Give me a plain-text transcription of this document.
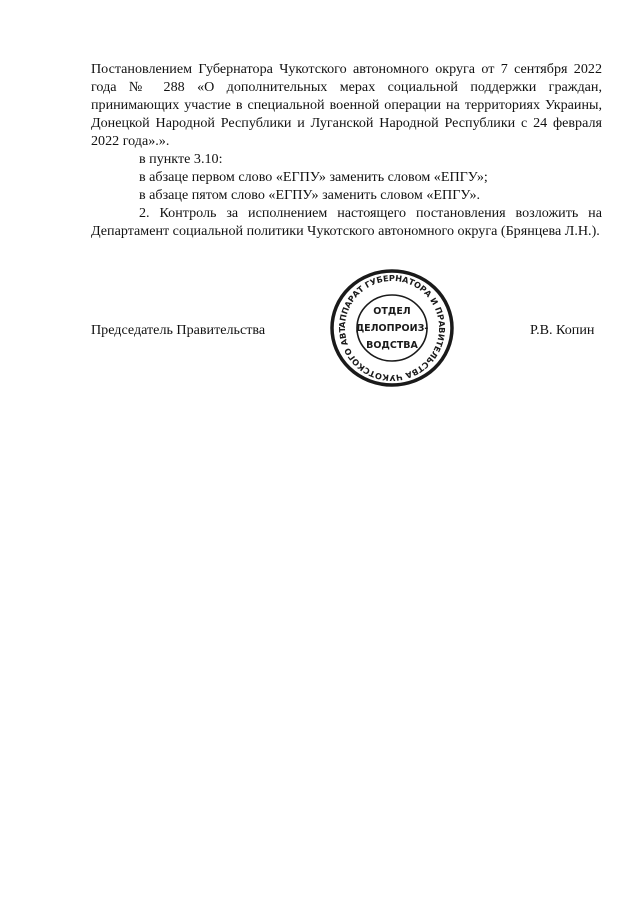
Постановлением Губернатора Чукотского автономного округа от 7 сентября 2022 года № 288 «О дополнительных мерах социальной поддержки граждан, принимающих участие в специальной военной операции на территориях Украины, Донецкой Народной Республики и Луганской Народной Республики с 24 февраля 2022 года».».

в пункте 3.10:

в абзаце первом слово «ЕГПУ» заменить словом «ЕПГУ»;

в абзаце пятом слово «ЕГПУ» заменить словом «ЕПГУ».

2. Контроль за исполнением настоящего постановления возложить на Департамент социальной политики Чукотского автономного округа (Брянцева Л.Н.).

Председатель Правительства	Р.В. Копин
АППАРАТ ГУБЕРНАТОРА И ПРАВИТЕЛЬСТВА ЧУКОТСКОГО АВТ
ОТДЕЛ
ДЕЛОПРОИЗ-
ВОДСТВА
